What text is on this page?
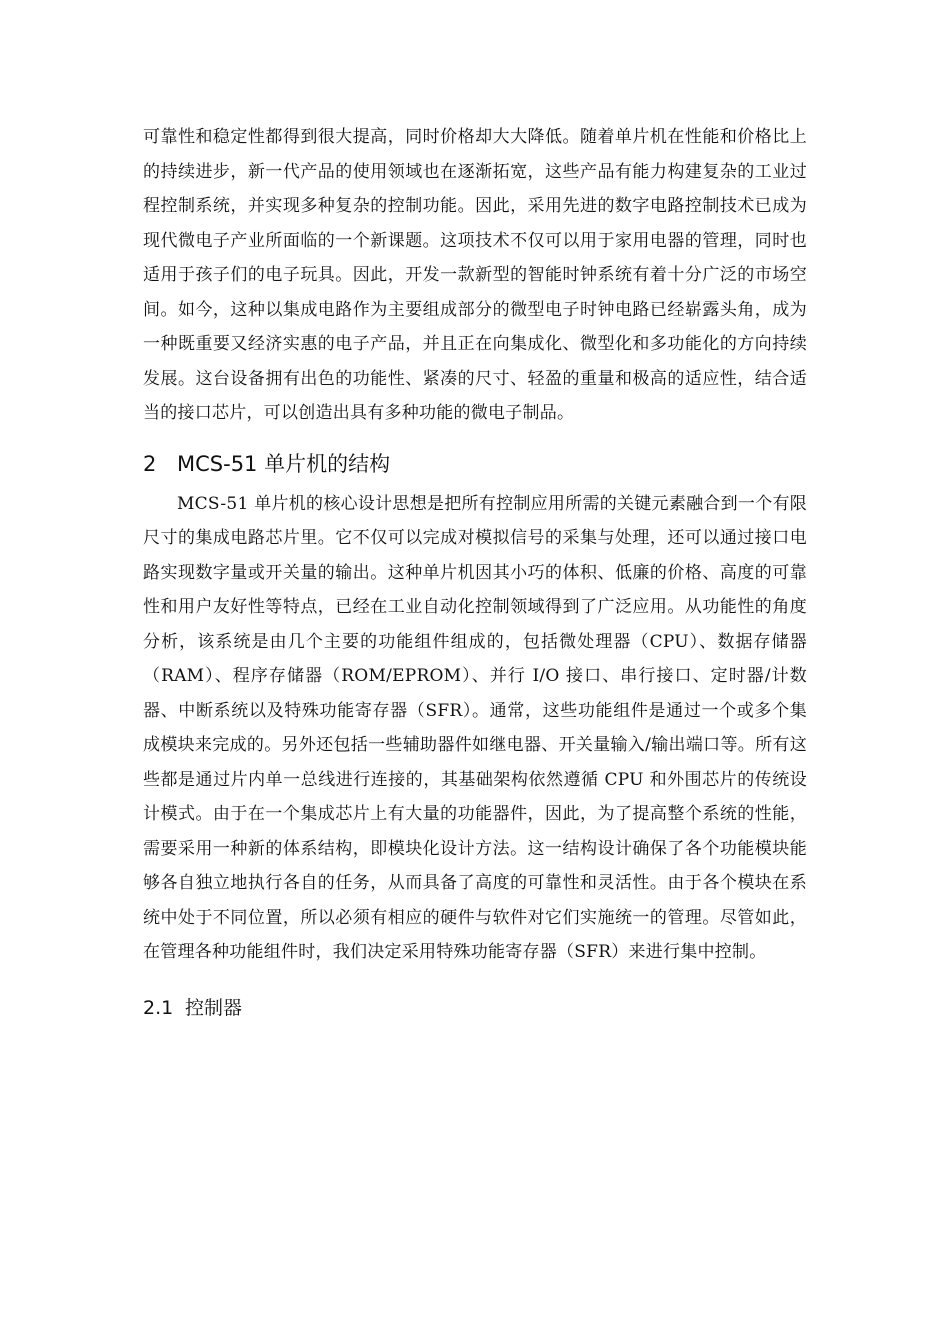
可靠性和稳定性都得到很大提高，同时价格却大大降低。随着单片机在性能和价格比上的持续进步，新一代产品的使用领域也在逐渐拓宽，这些产品有能力构建复杂的工业过程控制系统，并实现多种复杂的控制功能。因此，采用先进的数字电路控制技术已成为现代微电子产业所面临的一个新课题。这项技术不仅可以用于家用电器的管理，同时也适用于孩子们的电子玩具。因此，开发一款新型的智能时钟系统有着十分广泛的市场空间。如今，这种以集成电路作为主要组成部分的微型电子时钟电路已经崭露头角，成为一种既重要又经济实惠的电子产品，并且正在向集成化、微型化和多功能化的方向持续发展。这台设备拥有出色的功能性、紧凑的尺寸、轻盈的重量和极高的适应性，结合适当的接口芯片，可以创造出具有多种功能的微电子制品。

2 MCS-51 单片机的结构

MCS-51 单片机的核心设计思想是把所有控制应用所需的关键元素融合到一个有限尺寸的集成电路芯片里。它不仅可以完成对模拟信号的采集与处理，还可以通过接口电路实现数字量或开关量的输出。这种单片机因其小巧的体积、低廉的价格、高度的可靠性和用户友好性等特点，已经在工业自动化控制领域得到了广泛应用。从功能性的角度分析，该系统是由几个主要的功能组件组成的，包括微处理器（CPU）、数据存储器（RAM）、程序存储器（ROM/EPROM）、并行 I/O 接口、串行接口、定时器/计数器、中断系统以及特殊功能寄存器（SFR）。通常，这些功能组件是通过一个或多个集成模块来完成的。另外还包括一些辅助器件如继电器、开关量输入/输出端口等。所有这些都是通过片内单一总线进行连接的，其基础架构依然遵循 CPU 和外围芯片的传统设计模式。由于在一个集成芯片上有大量的功能器件，因此，为了提高整个系统的性能，需要采用一种新的体系结构，即模块化设计方法。这一结构设计确保了各个功能模块能够各自独立地执行各自的任务，从而具备了高度的可靠性和灵活性。由于各个模块在系统中处于不同位置，所以必须有相应的硬件与软件对它们实施统一的管理。尽管如此，在管理各种功能组件时，我们决定采用特殊功能寄存器（SFR）来进行集中控制。

2.1 控制器
